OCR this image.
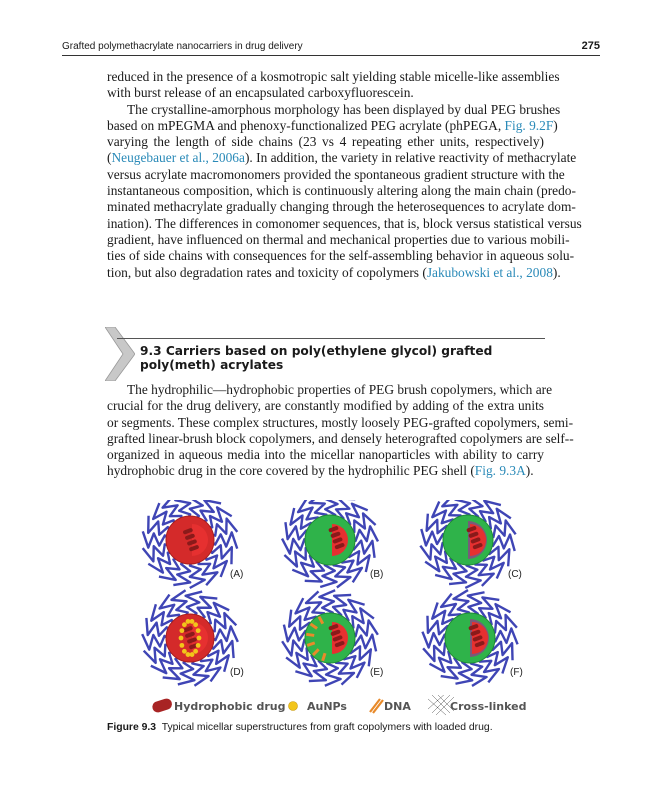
Grafted polymethacrylate nanocarriers in drug delivery	275
reduced in the presence of a kosmotropic salt yielding stable micelle-like assemblies
with burst release of an encapsulated carboxyfluorescein.
The crystalline-amorphous morphology has been displayed by dual PEG brushes
based on mPEGMA and phenoxy-functionalized PEG acrylate (phPEGA, Fig. 9.2F)
varying the length of side chains (23 vs 4 repeating ether units, respectively)
(Neugebauer et al., 2006a). In addition, the variety in relative reactivity of methacrylate
versus acrylate macromonomers provided the spontaneous gradient structure with the
instantaneous composition, which is continuously altering along the main chain (predo-
minated methacrylate gradually changing through the heterosequences to acrylate dom-
ination). The differences in comonomer sequences, that is, block versus statistical versus
gradient, have influenced on thermal and mechanical properties due to various mobili-
ties of side chains with consequences for the self-assembling behavior in aqueous solu-
tion, but also degradation rates and toxicity of copolymers (Jakubowski et al., 2008).
9.3 Carriers based on poly(ethylene glycol) grafted poly(meth) acrylates
The hydrophilic—hydrophobic properties of PEG brush copolymers, which are
crucial for the drug delivery, are constantly modified by adding of the extra units
or segments. These complex structures, mostly loosely PEG-grafted copolymers, semi-
grafted linear-brush block copolymers, and densely heterografted copolymers are self--
organized in aqueous media into the micellar nanoparticles with ability to carry
hydrophobic drug in the core covered by the hydrophilic PEG shell (Fig. 9.3A).
(A)	(B)	(C)
(D)	(E)	(F)
Hydrophobic drug AuNPs	DNA	Cross-linked
Figure 9.3 Typical micellar superstructures from graft copolymers with loaded drug.
